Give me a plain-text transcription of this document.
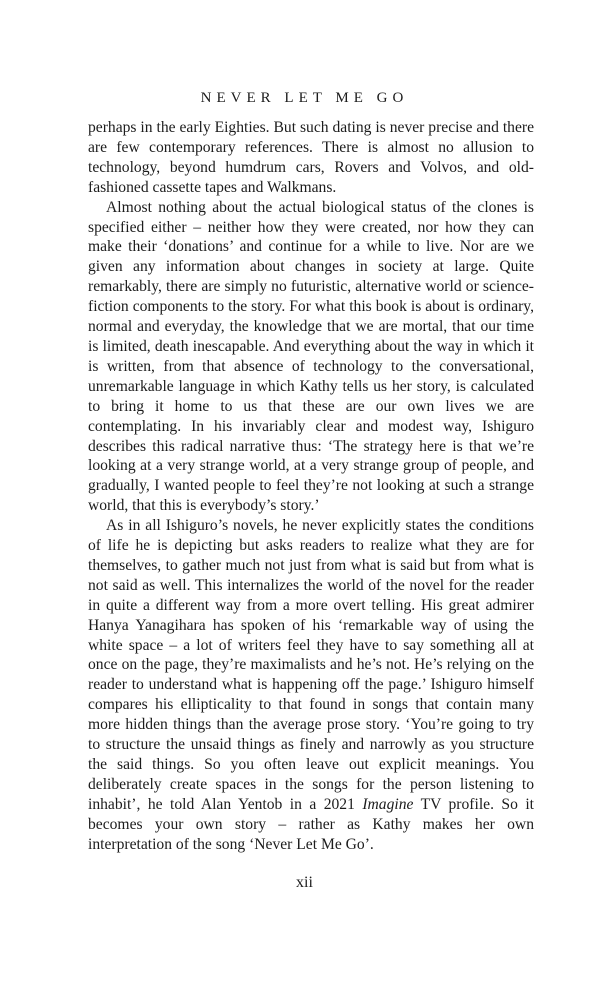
NEVER LET ME GO

perhaps in the early Eighties. But such dating is never precise and there are few contemporary references. There is almost no allusion to technology, beyond humdrum cars, Rovers and Volvos, and old-fashioned cassette tapes and Walkmans.

Almost nothing about the actual biological status of the clones is specified either – neither how they were created, nor how they can make their ‘donations’ and continue for a while to live. Nor are we given any information about changes in society at large. Quite remarkably, there are simply no futuristic, alternative world or science-fiction components to the story. For what this book is about is ordinary, normal and everyday, the knowledge that we are mortal, that our time is limited, death inescapable. And everything about the way in which it is written, from that absence of technology to the conversational, unremarkable language in which Kathy tells us her story, is calculated to bring it home to us that these are our own lives we are contemplating. In his invariably clear and modest way, Ishiguro describes this radical narrative thus: ‘The strategy here is that we’re looking at a very strange world, at a very strange group of people, and gradually, I wanted people to feel they’re not looking at such a strange world, that this is everybody’s story.’

As in all Ishiguro’s novels, he never explicitly states the conditions of life he is depicting but asks readers to realize what they are for themselves, to gather much not just from what is said but from what is not said as well. This internalizes the world of the novel for the reader in quite a different way from a more overt telling. His great admirer Hanya Yanagihara has spoken of his ‘remarkable way of using the white space – a lot of writers feel they have to say something all at once on the page, they’re maximalists and he’s not. He’s relying on the reader to understand what is happening off the page.’ Ishiguro himself compares his ellipticality to that found in songs that contain many more hidden things than the average prose story. ‘You’re going to try to structure the unsaid things as finely and narrowly as you structure the said things. So you often leave out explicit meanings. You deliberately create spaces in the songs for the person listening to inhabit’, he told Alan Yentob in a 2021 Imagine TV profile. So it becomes your own story – rather as Kathy makes her own interpretation of the song ‘Never Let Me Go’.

xii
